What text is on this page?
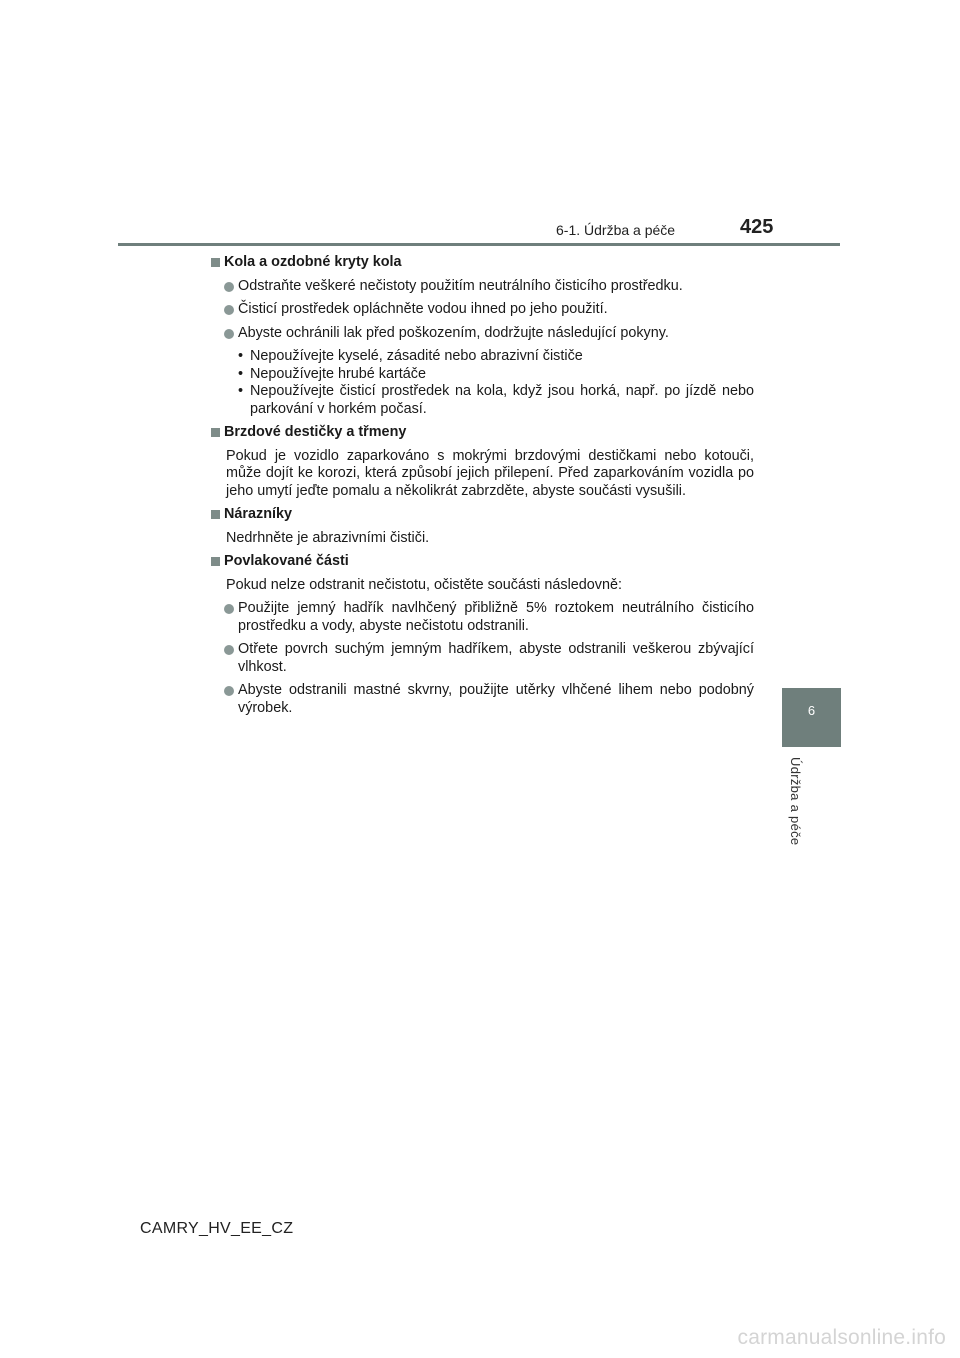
6-1. Údržba a péče	425
6
Údržba a péče
Kola a ozdobné kryty kola
Odstraňte veškeré nečistoty použitím neutrálního čisticího prostředku.
Čisticí prostředek opláchněte vodou ihned po jeho použití.
Abyste ochránili lak před poškozením, dodržujte následující pokyny.
• Nepoužívejte kyselé, zásadité nebo abrazivní čističe
• Nepoužívejte hrubé kartáče
• Nepoužívejte čisticí prostředek na kola, když jsou horká, např. po jízdě nebo parkování v horkém počasí.
Brzdové destičky a třmeny
Pokud je vozidlo zaparkováno s mokrými brzdovými destičkami nebo kotouči, může dojít ke korozi, která způsobí jejich přilepení. Před zaparkováním vozidla po jeho umytí jeďte pomalu a několikrát zabrzděte, abyste součásti vysušili.
Nárazníky
Nedrhněte je abrazivními čističi.
Povlakované části
Pokud nelze odstranit nečistotu, očistěte součásti následovně:
Použijte jemný hadřík navlhčený přibližně 5% roztokem neutrálního čisticího prostředku a vody, abyste nečistotu odstranili.
Otřete povrch suchým jemným hadříkem, abyste odstranili veškerou zbývající vlhkost.
Abyste odstranili mastné skvrny, použijte utěrky vlhčené lihem nebo podobný výrobek.
CAMRY_HV_EE_CZ
carmanualsonline.info
